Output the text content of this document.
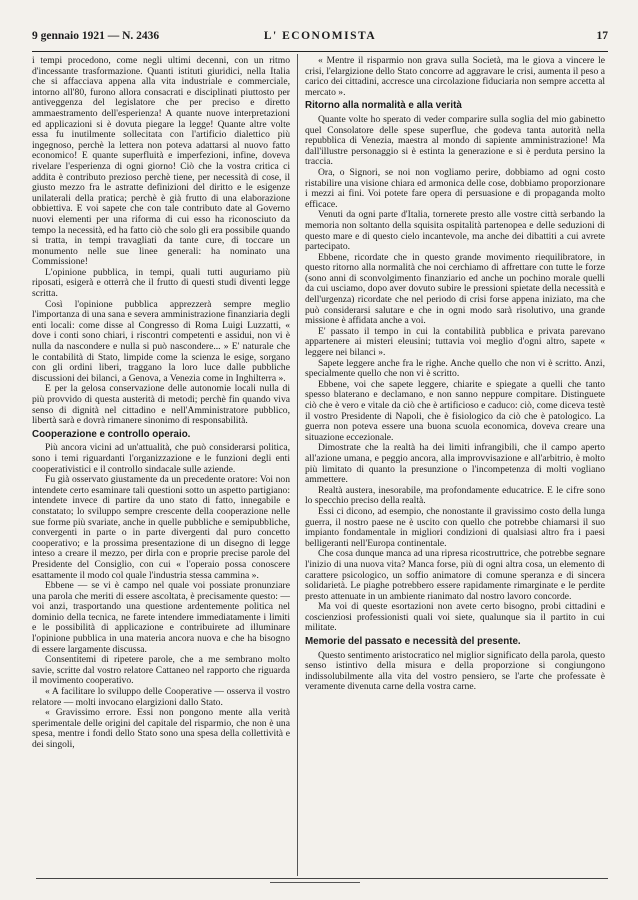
9 gennaio 1921 — N. 2436	L' ECONOMISTA	17

i tempi procedono, come negli ultimi decenni, con un ritmo d'incessante trasformazione. Quanti istituti giuridici, nella Italia che si affacciava appena alla vita industriale e commerciale, intorno all'80, furono allora consacrati e disciplinati piuttosto per antiveggenza del legislatore che per preciso e diretto ammaestramento dell'esperienza! A quante nuove interpretazioni ed applicazioni si è dovuta piegare la legge! Quante altre volte essa fu inutilmente sollecitata con l'artificio dialettico più ingegnoso, perchè la lettera non poteva adattarsi al nuovo fatto economico! E quante superfluità e imperfezioni, infine, doveva rivelare l'esperienza di ogni giorno! Ciò che la vostra critica ci addita è contributo prezioso perchè tiene, per necessità di cose, il giusto mezzo fra le astratte definizioni del diritto e le esigenze unilaterali della pratica; perchè è già frutto di una elaborazione obbiettiva. E voi sapete che con tale contributo date al Governo nuovi elementi per una riforma di cui esso ha riconosciuto da tempo la necessità, ed ha fatto ciò che solo gli era possibile quando si tratta, in tempi travagliati da tante cure, di toccare un monumento nelle sue linee generali: ha nominato una Commissione!

L'opinione pubblica, in tempi, quali tutti auguriamo più riposati, esigerà e otterrà che il frutto di questi studi diventi legge scritta.

Così l'opinione pubblica apprezzerà sempre meglio l'importanza di una sana e severa amministrazione finanziaria degli enti locali: come disse al Congresso di Roma Luigi Luzzatti, « dove i conti sono chiari, i riscontri competenti e assidui, non vi è nulla da nascondere e nulla si può nascondere... » E' naturale che le contabilità di Stato, limpide come la scienza le esige, sorgano con gli ordini liberi, traggano la loro luce dalle pubbliche discussioni dei bilanci, a Genova, a Venezia come in Inghilterra ».

E per la gelosa conservazione delle autonomie locali nulla di più provvido di questa austerità di metodi; perchè fin quando viva senso di dignità nel cittadino e nell'Amministratore pubblico, libertà sarà e dovrà rimanere sinonimo di responsabilità.

Cooperazione e controllo operaio.

Più ancora vicini ad un'attualità, che può considerarsi politica, sono i temi riguardanti l'organizzazione e le funzioni degli enti cooperativistici e il controllo sindacale sulle aziende.

Fu già osservato giustamente da un precedente oratore: Voi non intendete certo esaminare tali questioni sotto un aspetto partigiano: intendete invece di partire da uno stato di fatto, innegabile e constatato; lo sviluppo sempre crescente della cooperazione nelle sue forme più svariate, anche in quelle pubbliche e semipubbliche, convergenti in parte o in parte divergenti dal puro concetto cooperativo; e la prossima presentazione di un disegno di legge inteso a creare il mezzo, per dirla con e proprie precise parole del Presidente del Consiglio, con cui « l'operaio possa conoscere esattamente il modo col quale l'industria stessa cammina ».

Ebbene — se vi è campo nel quale voi possiate pronunziare una parola che meriti di essere ascoltata, è precisamente questo: — voi anzi, trasportando una questione ardentemente politica nel dominio della tecnica, ne farete intendere immediatamente i limiti e le possibilità di applicazione e contribuirete ad illuminare l'opinione pubblica in una materia ancora nuova e che ha bisogno di essere largamente discussa.

Consentitemi di ripetere parole, che a me sembrano molto savie, scritte dal vostro relatore Cattaneo nel rapporto che riguarda il movimento cooperativo.

« A facilitare lo sviluppo delle Cooperative — osserva il vostro relatore — molti invocano elargizioni dallo Stato.

« Gravissimo errore. Essi non pongono mente alla verità sperimentale delle origini del capitale del risparmio, che non è una spesa, mentre i fondi dello Stato sono una spesa della collettività e dei singoli,

« Mentre il risparmio non grava sulla Società, ma le giova a vincere le crisi, l'elargizione dello Stato concorre ad aggravare le crisi, aumenta il peso a carico dei cittadini, accresce una circolazione fiduciaria non sempre accetta al mercato ».

Ritorno alla normalità e alla verità

Quante volte ho sperato di veder comparire sulla soglia del mio gabinetto quel Consolatore delle spese superflue, che godeva tanta autorità nella repubblica di Venezia, maestra al mondo di sapiente amministrazione! Ma dall'illustre personaggio si è estinta la generazione e si è perduta persino la traccia.

Ora, o Signori, se noi non vogliamo perire, dobbiamo ad ogni costo ristabilire una visione chiara ed armonica delle cose, dobbiamo proporzionare i mezzi ai fini. Voi potete fare opera di persuasione e di propaganda molto efficace.

Venuti da ogni parte d'Italia, tornerete presto alle vostre città serbando la memoria non soltanto della squisita ospitalità partenopea e delle seduzioni di questo mare e di questo cielo incantevole, ma anche dei dibattiti a cui avrete partecipato.

Ebbene, ricordate che in questo grande movimento riequilibratore, in questo ritorno alla normalità che noi cerchiamo di affrettare con tutte le forze (sono anni di sconvolgimento finanziario ed anche un pochino morale quelli da cui usciamo, dopo aver dovuto subire le pressioni spietate della necessità e dell'urgenza) ricordate che nel periodo di crisi forse appena iniziato, ma che può considerarsi salutare e che in ogni modo sarà risolutivo, una grande missione è affidata anche a voi.

E' passato il tempo in cui la contabilità pubblica e privata parevano appartenere ai misteri eleusini; tuttavia voi meglio d'ogni altro, sapete « leggere nei bilanci ».

Sapete leggere anche fra le righe. Anche quello che non vi è scritto. Anzi, specialmente quello che non vi è scritto.

Ebbene, voi che sapete leggere, chiarite e spiegate a quelli che tanto spesso blaterano e declamano, e non sanno neppure compitare. Distinguete ciò che è vero e vitale da ciò che è artificioso e caduco: ciò, come diceva testè il vostro Presidente di Napoli, che è fisiologico da ciò che è patologico. La guerra non poteva essere una buona scuola economica, doveva creare una situazione eccezionale.

Dimostrate che la realtà ha dei limiti infrangibili, che il campo aperto all'azione umana, e peggio ancora, alla improvvisazione e all'arbitrio, è molto più limitato di quanto la presunzione o l'incompetenza di molti vogliano ammettere.

Realtà austera, inesorabile, ma profondamente educatrice. E le cifre sono lo specchio preciso della realtà.

Essi ci dicono, ad esempio, che nonostante il gravissimo costo della lunga guerra, il nostro paese ne è uscito con quello che potrebbe chiamarsi il suo impianto fondamentale in migliori condizioni di qualsiasi altro fra i paesi belligeranti nell'Europa continentale.

Che cosa dunque manca ad una ripresa ricostruttrice, che potrebbe segnare l'inizio di una nuova vita? Manca forse, più di ogni altra cosa, un elemento di carattere psicologico, un soffio animatore di comune speranza e di sincera solidarietà. Le piaghe potrebbero essere rapidamente rimarginate e le perdite presto attenuate in un ambiente rianimato dal nostro lavoro concorde.

Ma voi di queste esortazioni non avete certo bisogno, probi cittadini e coscienziosi professionisti quali voi siete, qualunque sia il partito in cui militate.

Memorie del passato e necessità del presente.

Questo sentimento aristocratico nel miglior significato della parola, questo senso istintivo della misura e della proporzione si congiungono indissolubilmente alla vita del vostro pensiero, se l'arte che professate è veramente divenuta carne della vostra carne.
